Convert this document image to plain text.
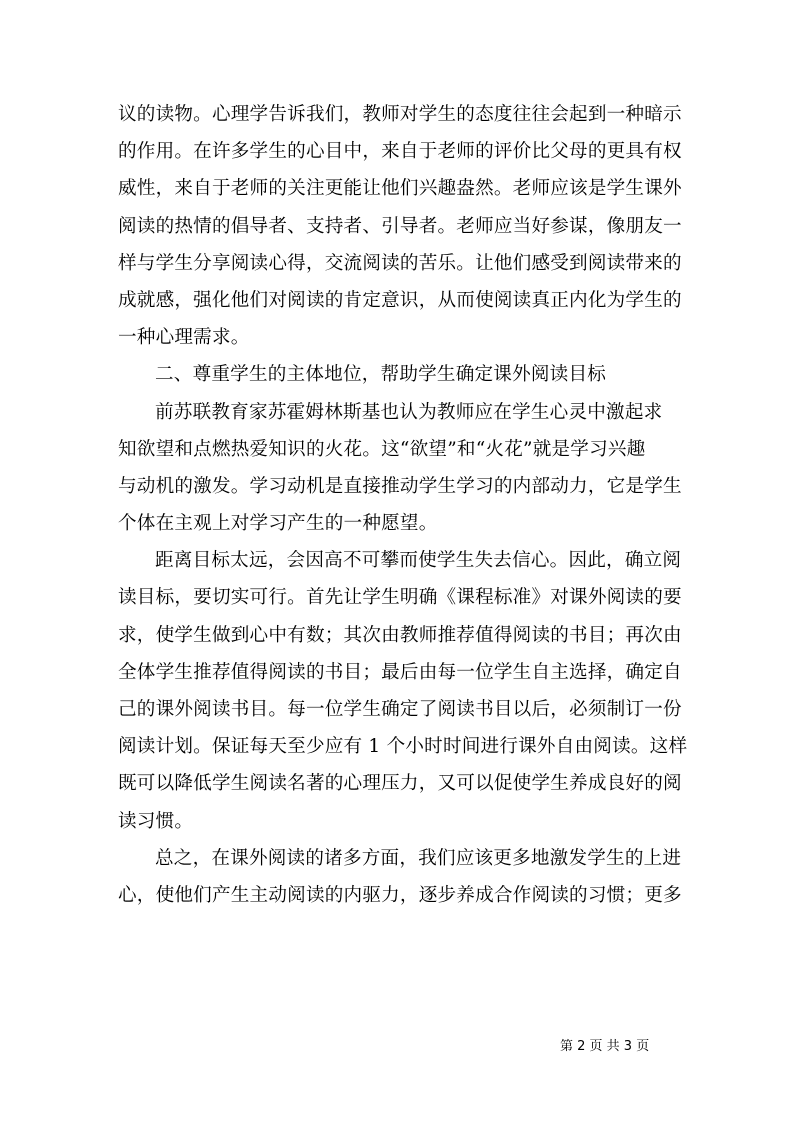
议的读物。心理学告诉我们，教师对学生的态度往往会起到一种暗示
的作用。在许多学生的心目中，来自于老师的评价比父母的更具有权
威性，来自于老师的关注更能让他们兴趣盎然。老师应该是学生课外
阅读的热情的倡导者、支持者、引导者。老师应当好参谋，像朋友一
样与学生分享阅读心得，交流阅读的苦乐。让他们感受到阅读带来的
成就感，强化他们对阅读的肯定意识，从而使阅读真正内化为学生的
一种心理需求。
二、尊重学生的主体地位，帮助学生确定课外阅读目标
前苏联教育家苏霍姆林斯基也认为教师应在学生心灵中激起求
知欲望和点燃热爱知识的火花。这“欲望”和“火花”就是学习兴趣
与动机的激发。学习动机是直接推动学生学习的内部动力，它是学生
个体在主观上对学习产生的一种愿望。
距离目标太远，会因高不可攀而使学生失去信心。因此，确立阅
读目标，要切实可行。首先让学生明确《课程标准》对课外阅读的要
求，使学生做到心中有数；其次由教师推荐值得阅读的书目；再次由
全体学生推荐值得阅读的书目；最后由每一位学生自主选择，确定自
己的课外阅读书目。每一位学生确定了阅读书目以后，必须制订一份
阅读计划。保证每天至少应有 1 个小时时间进行课外自由阅读。这样
既可以降低学生阅读名著的心理压力，又可以促使学生养成良好的阅
读习惯。
总之，在课外阅读的诸多方面，我们应该更多地激发学生的上进
心，使他们产生主动阅读的内驱力，逐步养成合作阅读的习惯；更多
第 2 页 共 3 页
